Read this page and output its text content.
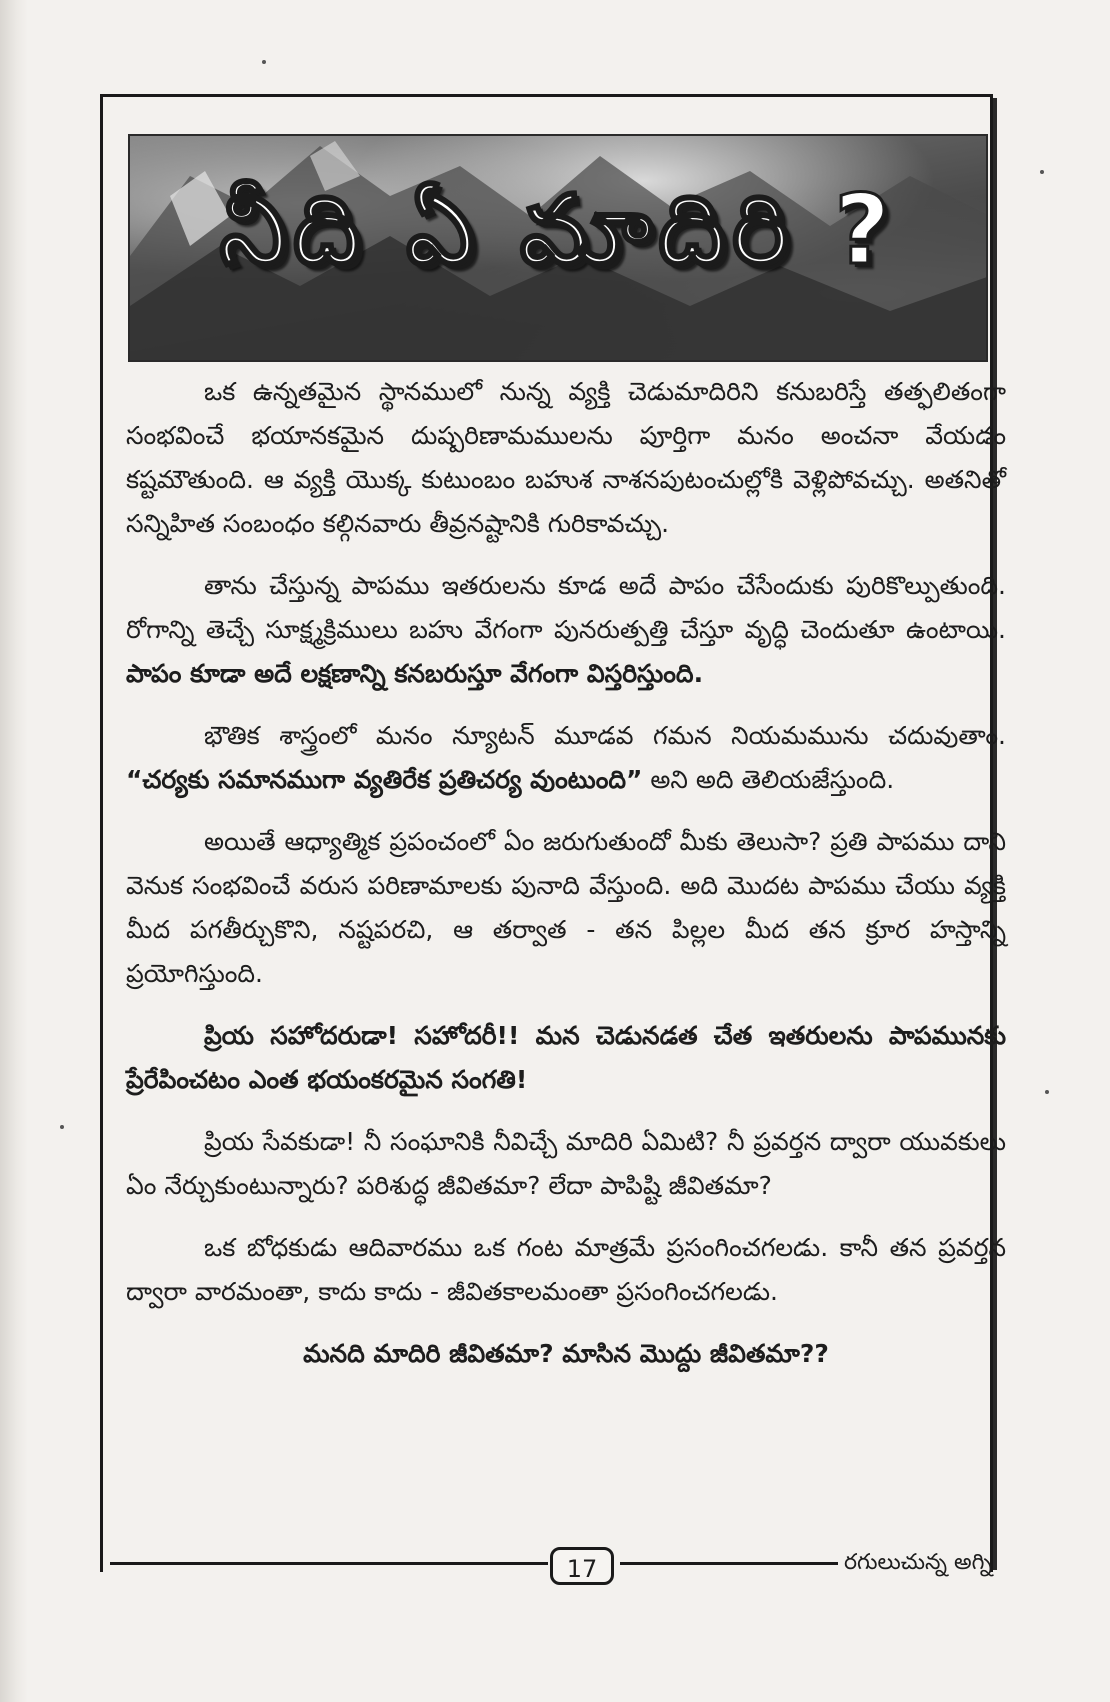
నీది ఏ మాదిరి ?

ఒక ఉన్నతమైన స్థానములో నున్న వ్యక్తి చెడుమాదిరిని కనుబరిస్తే తత్ఫలితంగా సంభవించే భయానకమైన దుష్పరిణామములను పూర్తిగా మనం అంచనా వేయడం కష్టమౌతుంది. ఆ వ్యక్తి యొక్క కుటుంబం బహుశ నాశనపుటంచుల్లోకి వెళ్లిపోవచ్చు. అతనితో సన్నిహిత సంబంధం కల్గినవారు తీవ్రనష్టానికి గురికావచ్చు.

తాను చేస్తున్న పాపము ఇతరులను కూడ అదే పాపం చేసేందుకు పురికొల్పుతుంది. రోగాన్ని తెచ్చే సూక్ష్మక్రిములు బహు వేగంగా పునరుత్పత్తి చేస్తూ వృద్ధి చెందుతూ ఉంటాయి. పాపం కూడా అదే లక్షణాన్ని కనబరుస్తూ వేగంగా విస్తరిస్తుంది.

భౌతిక శాస్త్రంలో మనం న్యూటన్ మూడవ గమన నియమమును చదువుతాం. “చర్యకు సమానముగా వ్యతిరేక ప్రతిచర్య వుంటుంది” అని అది తెలియజేస్తుంది.

అయితే ఆధ్యాత్మిక ప్రపంచంలో ఏం జరుగుతుందో మీకు తెలుసా? ప్రతి పాపము దాని వెనుక సంభవించే వరుస పరిణామాలకు పునాది వేస్తుంది. అది మొదట పాపము చేయు వ్యక్తి మీద పగతీర్చుకొని, నష్టపరచి, ఆ తర్వాత - తన పిల్లల మీద తన క్రూర హస్తాన్ని ప్రయోగిస్తుంది.

ప్రియ సహోదరుడా! సహోదరీ!! మన చెడునడత చేత ఇతరులను పాపమునకు ప్రేరేపించటం ఎంత భయంకరమైన సంగతి!

ప్రియ సేవకుడా! నీ సంఘానికి నీవిచ్చే మాదిరి ఏమిటి? నీ ప్రవర్తన ద్వారా యువకులు ఏం నేర్చుకుంటున్నారు? పరిశుద్ధ జీవితమా? లేదా పాపిష్టి జీవితమా?

ఒక బోధకుడు ఆదివారము ఒక గంట మాత్రమే ప్రసంగించగలడు. కానీ తన ప్రవర్తన ద్వారా వారమంతా, కాదు కాదు - జీవితకాలమంతా ప్రసంగించగలడు.

మనది మాదిరి జీవితమా? మాసిన మొద్దు జీవితమా??

17	రగులుచున్న అగ్ని
